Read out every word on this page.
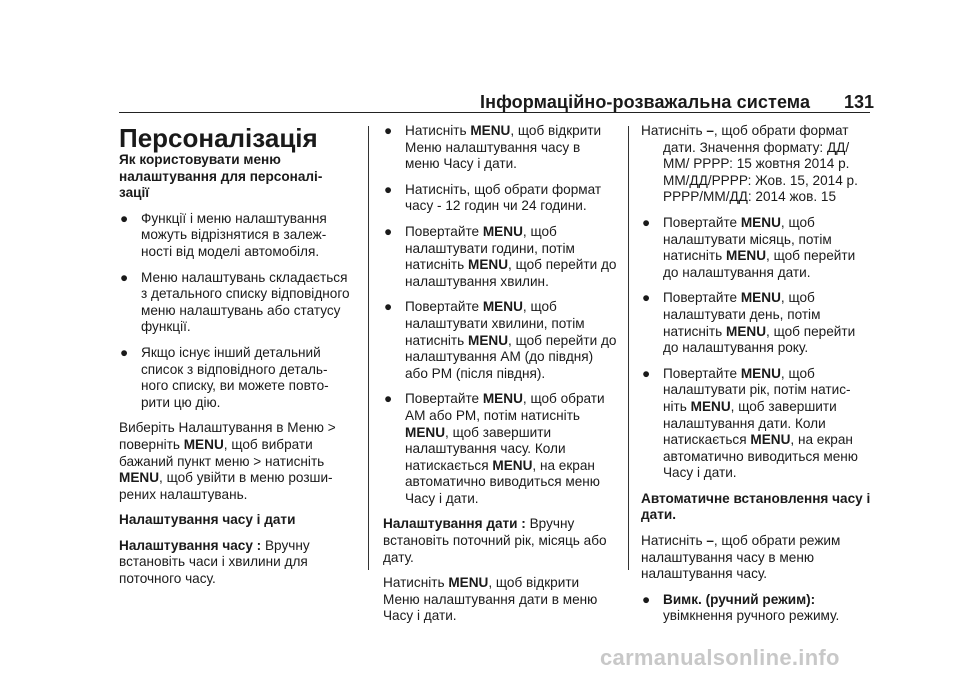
Інформаційно-розважальна система 131

Персоналізація

Як користовувати меню налаштування для персоналі- зації

● Функції і меню налаштування можуть відрізнятися в залеж- ності від моделі автомобіля.

● Меню налаштувань складається з детального списку відповідного меню налаштувань або статусу функції.

● Якщо існує інший детальний список з відповідного деталь- ного списку, ви можете повто- рити цю дію.

Виберіть Налаштування в Меню > повернiть MENU, щоб вибрати бажаний пункт меню > натисніть MENU, щоб увійти в меню розши- рених налаштувань.

Налаштування часу і дати

Налаштування часу : Вручну встановіть часи і хвилини для поточного часу.

● Натисніть MENU, щоб відкрити Меню налаштування часу в меню Часу і дати.

● Натисніть, щоб обрати формат часу - 12 годин чи 24 години.

● Повертайте MENU, щоб налаштувати години, потім натисніть MENU, щоб перейти до налаштування хвилин.

● Повертайте MENU, щоб налаштувати хвилини, потім натисніть MENU, щоб перейти до налаштування AM (до півдня) або PM (після півдня).

● Повертайте MENU, щоб обрати AM або PM, потім натисніть MENU, щоб завершити налаштування часу. Коли натискається MENU, на екран автоматично виводиться меню Часу і дати.

Налаштування дати : Вручну встановіть поточний рік, місяць або дату.

Натисніть MENU, щоб відкрити Меню налаштування дати в меню Часу і дати.

Натисніть –, щоб обрати формат дати. Значення формату: ДД/ММ/ РРРР: 15 жовтня 2014 р. ММ/ДД/РРРР: Жов. 15, 2014 р. РРРР/ММ/ДД: 2014 жов. 15

● Повертайте MENU, щоб налаштувати місяць, потім натисніть MENU, щоб перейти до налаштування дати.

● Повертайте MENU, щоб налаштувати день, потім натисніть MENU, щоб перейти до налаштування року.

● Повертайте MENU, щоб налаштувати рік, потім натис- ніть MENU, щоб завершити налаштування дати. Коли натискається MENU, на екран автоматично виводиться меню Часу і дати.

Автоматичне встановлення часу і дати.

Натисніть –, щоб обрати режим налаштування часу в меню налаштування часу.

● Вимк. (ручний режим): увімкнення ручного режиму.

carmanualsonline.info
